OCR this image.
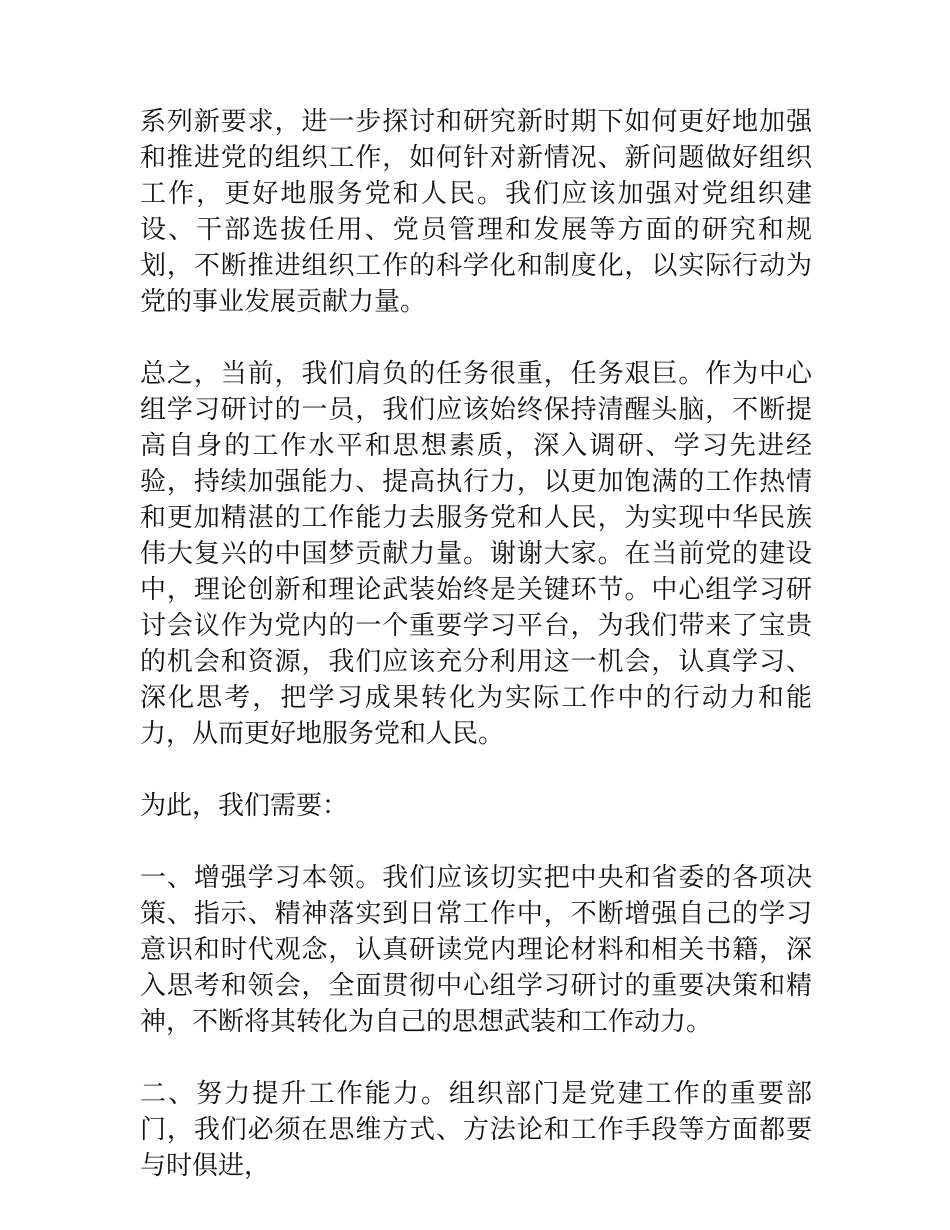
系列新要求，进一步探讨和研究新时期下如何更好地加强和推进党的组织工作，如何针对新情况、新问题做好组织工作，更好地服务党和人民。我们应该加强对党组织建设、干部选拔任用、党员管理和发展等方面的研究和规划，不断推进组织工作的科学化和制度化，以实际行动为党的事业发展贡献力量。

总之，当前，我们肩负的任务很重，任务艰巨。作为中心组学习研讨的一员，我们应该始终保持清醒头脑，不断提高自身的工作水平和思想素质，深入调研、学习先进经验，持续加强能力、提高执行力，以更加饱满的工作热情和更加精湛的工作能力去服务党和人民，为实现中华民族伟大复兴的中国梦贡献力量。谢谢大家。在当前党的建设中，理论创新和理论武装始终是关键环节。中心组学习研讨会议作为党内的一个重要学习平台，为我们带来了宝贵的机会和资源，我们应该充分利用这一机会，认真学习、深化思考，把学习成果转化为实际工作中的行动力和能力，从而更好地服务党和人民。

为此，我们需要：

一、增强学习本领。我们应该切实把中央和省委的各项决策、指示、精神落实到日常工作中，不断增强自己的学习意识和时代观念，认真研读党内理论材料和相关书籍，深入思考和领会，全面贯彻中心组学习研讨的重要决策和精神，不断将其转化为自己的思想武装和工作动力。

二、努力提升工作能力。组织部门是党建工作的重要部门，我们必须在思维方式、方法论和工作手段等方面都要与时俱进，
